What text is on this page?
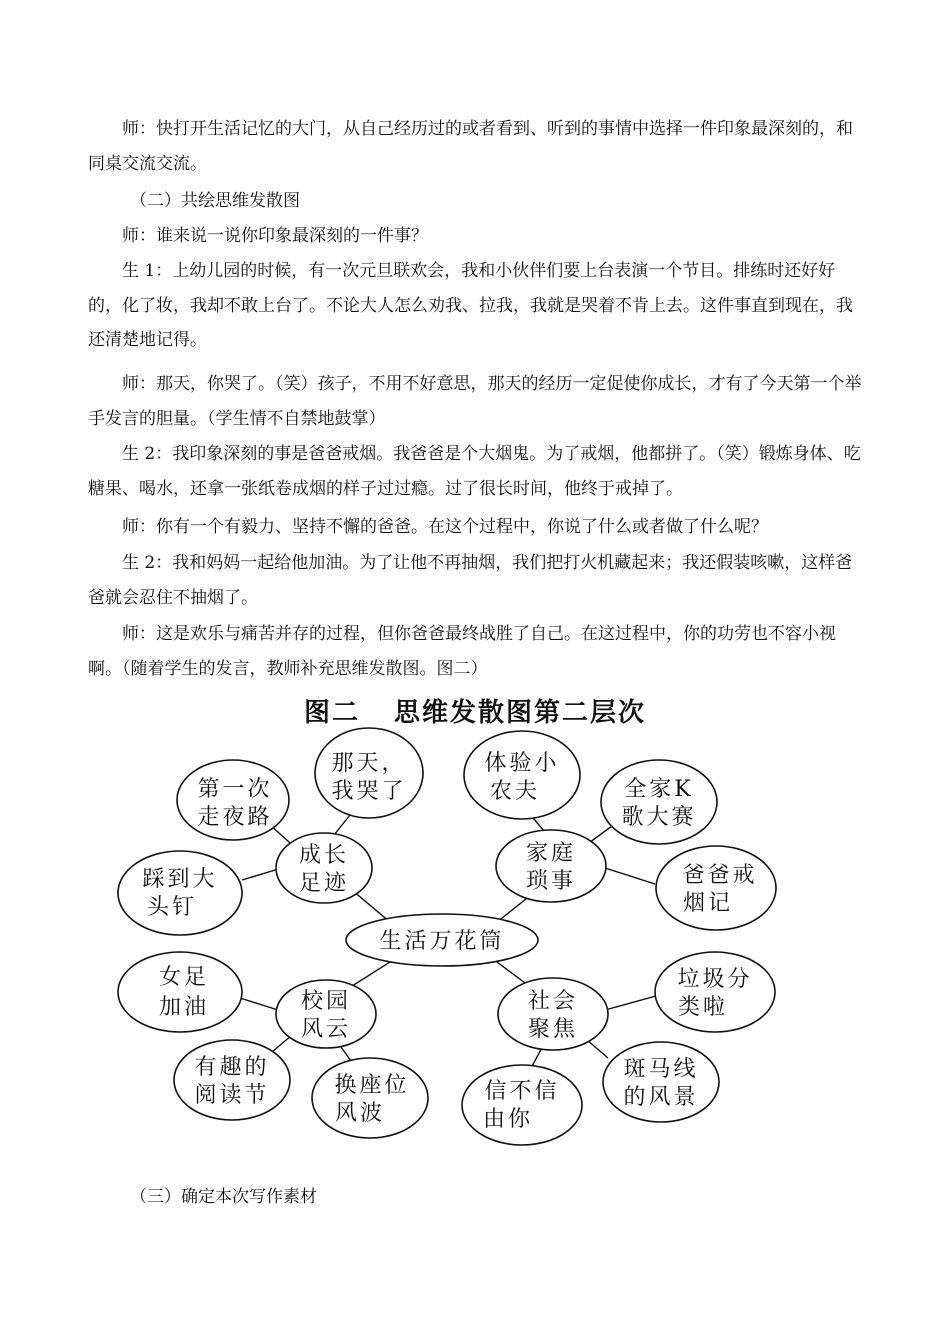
师：快打开生活记忆的大门，从自己经历过的或者看到、听到的事情中选择一件印象最深刻的，和同桌交流交流。

（二）共绘思维发散图

师：谁来说一说你印象最深刻的一件事？

生 1：上幼儿园的时候，有一次元旦联欢会，我和小伙伴们要上台表演一个节目。排练时还好好的，化了妆，我却不敢上台了。不论大人怎么劝我、拉我，我就是哭着不肯上去。这件事直到现在，我还清楚地记得。

师：那天，你哭了。（笑）孩子，不用不好意思，那天的经历一定促使你成长，才有了今天第一个举手发言的胆量。（学生情不自禁地鼓掌）

生 2：我印象深刻的事是爸爸戒烟。我爸爸是个大烟鬼。为了戒烟，他都拼了。（笑）锻炼身体、吃糖果、喝水，还拿一张纸卷成烟的样子过过瘾。过了很长时间，他终于戒掉了。

师：你有一个有毅力、坚持不懈的爸爸。在这个过程中，你说了什么或者做了什么呢？

生 2：我和妈妈一起给他加油。为了让他不再抽烟，我们把打火机藏起来；我还假装咳嗽，这样爸爸就会忍住不抽烟了。

师：这是欢乐与痛苦并存的过程，但你爸爸最终战胜了自己。在这过程中，你的功劳也不容小视啊。（随着学生的发言，教师补充思维发散图。图二）

图二 思维发散图第二层次
生活万花筒
成长
足迹
那天，
我哭了
第一次
走夜路
踩到大
头钉
家庭
琐事
体验小
农夫	全家K
歌大赛
爸爸戒
烟记
校园
风云
女足
加油
有趣的
阅读节	换座位
风波
社会
聚焦
垃圾分
类啦
斑马线
的风景
信不信
由你

（三）确定本次写作素材
